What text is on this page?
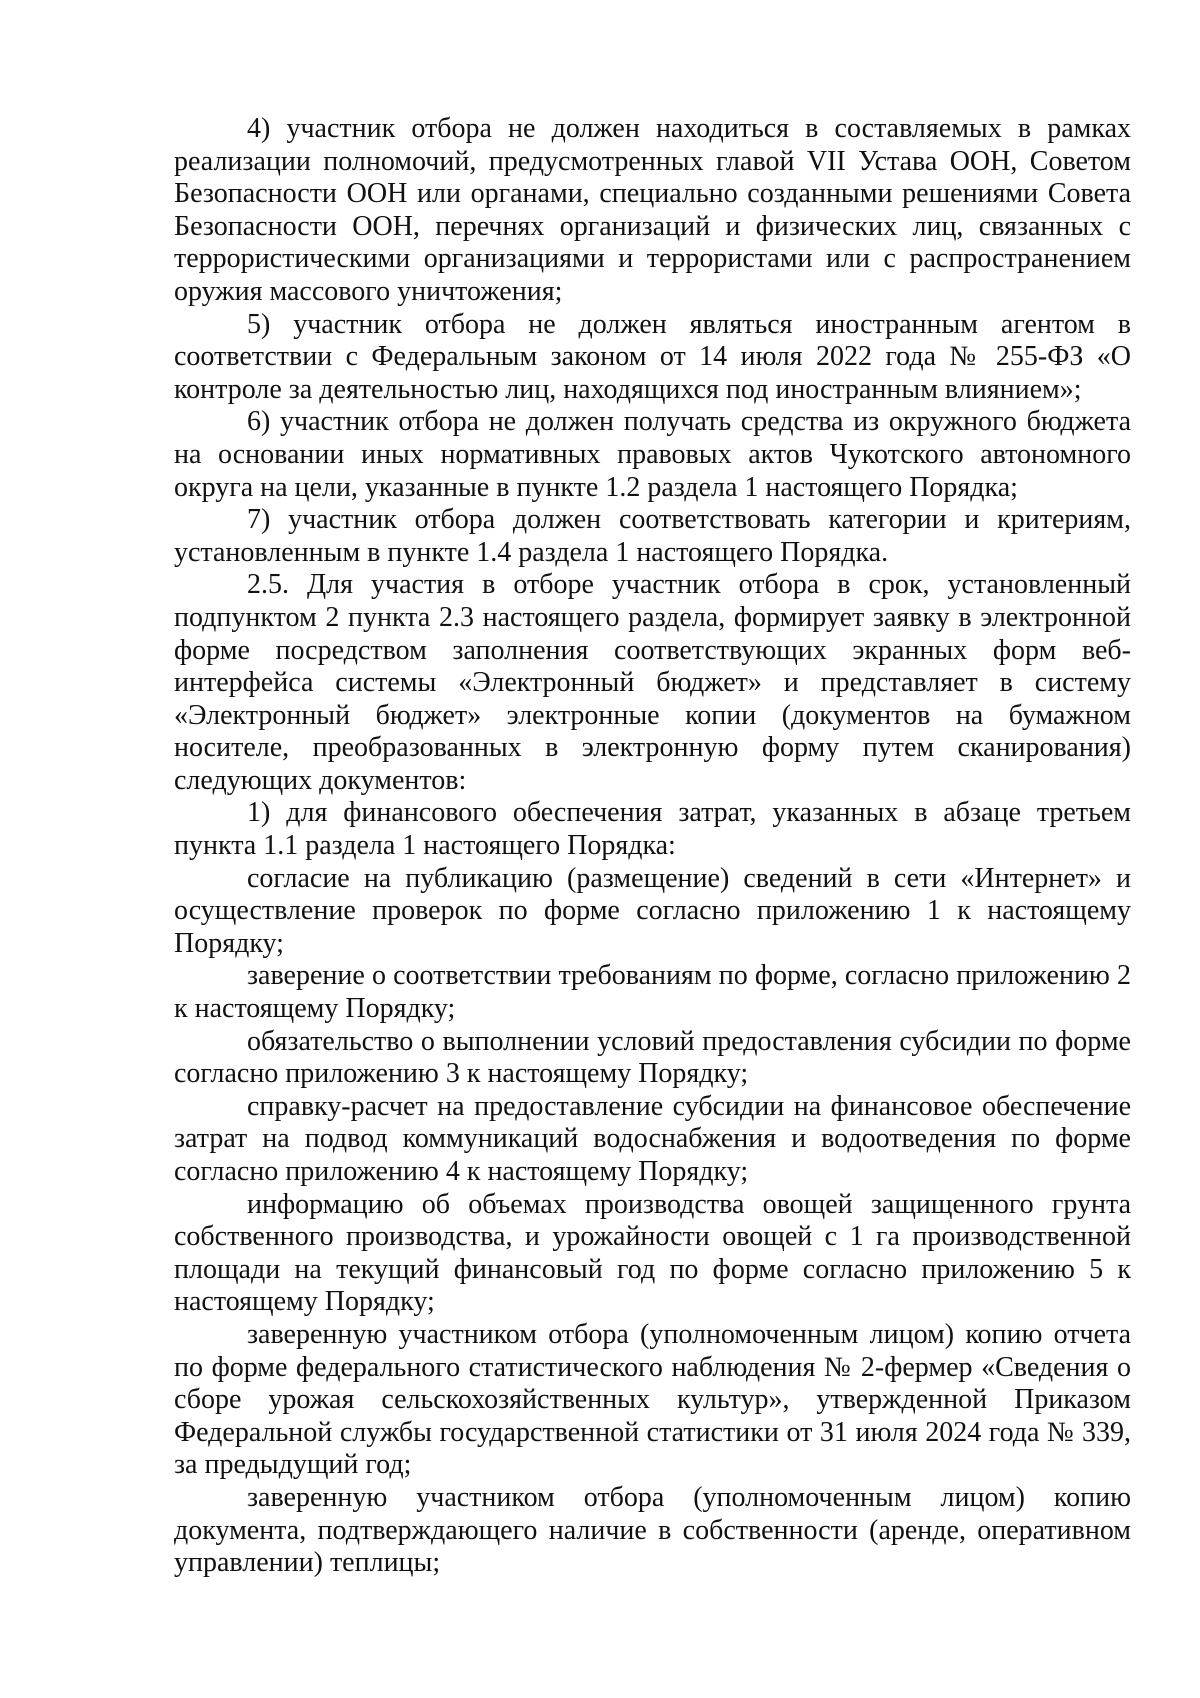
4) участник отбора не должен находиться в составляемых в рамках реализации полномочий, предусмотренных главой VII Устава ООН, Советом Безопасности ООН или органами, специально созданными решениями Совета Безопасности ООН, перечнях организаций и физических лиц, связанных с террористическими организациями и террористами или с распространением оружия массового уничтожения;

5) участник отбора не должен являться иностранным агентом в соответствии с Федеральным законом от 14 июля 2022 года № 255-ФЗ «О контроле за деятельностью лиц, находящихся под иностранным влиянием»;

6) участник отбора не должен получать средства из окружного бюджета на основании иных нормативных правовых актов Чукотского автономного округа на цели, указанные в пункте 1.2 раздела 1 настоящего Порядка;

7) участник отбора должен соответствовать категории и критериям, установленным в пункте 1.4 раздела 1 настоящего Порядка.

2.5. Для участия в отборе участник отбора в срок, установленный подпунктом 2 пункта 2.3 настоящего раздела, формирует заявку в электронной форме посредством заполнения соответствующих экранных форм веб-интерфейса системы «Электронный бюджет» и представляет в систему «Электронный бюджет» электронные копии (документов на бумажном носителе, преобразованных в электронную форму путем сканирования) следующих документов:

1) для финансового обеспечения затрат, указанных в абзаце третьем пункта 1.1 раздела 1 настоящего Порядка:

согласие на публикацию (размещение) сведений в сети «Интернет» и осуществление проверок по форме согласно приложению 1 к настоящему Порядку;

заверение о соответствии требованиям по форме, согласно приложению 2 к настоящему Порядку;

обязательство о выполнении условий предоставления субсидии по форме согласно приложению 3 к настоящему Порядку;

справку-расчет на предоставление субсидии на финансовое обеспечение затрат на подвод коммуникаций водоснабжения и водоотведения по форме согласно приложению 4 к настоящему Порядку;

информацию об объемах производства овощей защищенного грунта собственного производства, и урожайности овощей с 1 га производственной площади на текущий финансовый год по форме согласно приложению 5 к настоящему Порядку;

заверенную участником отбора (уполномоченным лицом) копию отчета по форме федерального статистического наблюдения № 2-фермер «Сведения о сборе урожая сельскохозяйственных культур», утвержденной Приказом Федеральной службы государственной статистики от 31 июля 2024 года № 339, за предыдущий год;

заверенную участником отбора (уполномоченным лицом) копию документа, подтверждающего наличие в собственности (аренде, оперативном управлении) теплицы;
